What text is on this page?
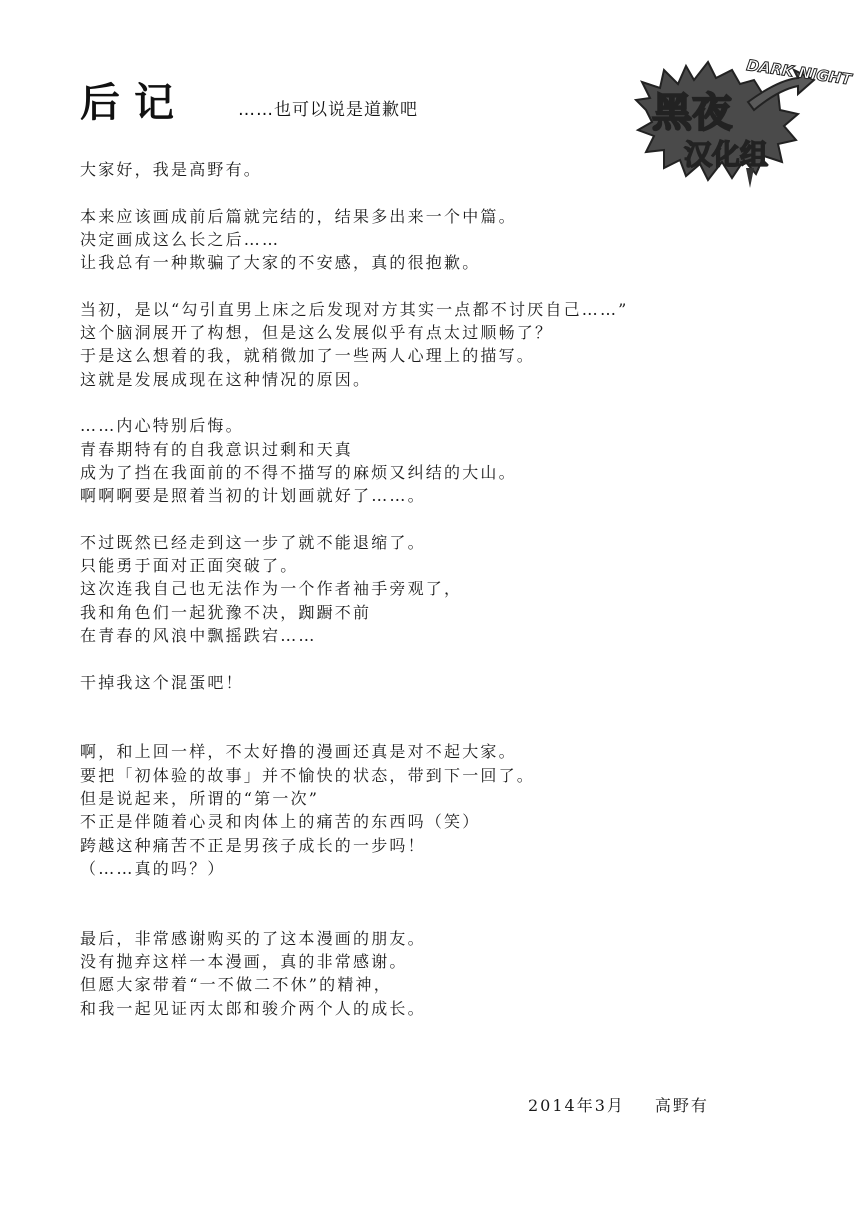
后记	……也可以说是道歉吧
DARK NIGHT
黑夜
汉化组
大家好，我是高野有。
本来应该画成前后篇就完结的，结果多出来一个中篇。
决定画成这么长之后……
让我总有一种欺骗了大家的不安感，真的很抱歉。
当初，是以“勾引直男上床之后发现对方其实一点都不讨厌自己……”
这个脑洞展开了构想，但是这么发展似乎有点太过顺畅了？
于是这么想着的我，就稍微加了一些两人心理上的描写。
这就是发展成现在这种情况的原因。
……内心特别后悔。
青春期特有的自我意识过剩和天真
成为了挡在我面前的不得不描写的麻烦又纠结的大山。
啊啊啊要是照着当初的计划画就好了……。
不过既然已经走到这一步了就不能退缩了。
只能勇于面对正面突破了。
这次连我自己也无法作为一个作者袖手旁观了，
我和角色们一起犹豫不决，踟蹰不前
在青春的风浪中飘摇跌宕……
干掉我这个混蛋吧！
啊，和上回一样，不太好撸的漫画还真是对不起大家。
要把「初体验的故事」并不愉快的状态，带到下一回了。
但是说起来，所谓的“第一次”
不正是伴随着心灵和肉体上的痛苦的东西吗（笑）
跨越这种痛苦不正是男孩子成长的一步吗！
（……真的吗？）
最后，非常感谢购买的了这本漫画的朋友。
没有抛弃这样一本漫画，真的非常感谢。
但愿大家带着“一不做二不休”的精神，
和我一起见证丙太郎和骏介两个人的成长。
2014年3月 高野有
